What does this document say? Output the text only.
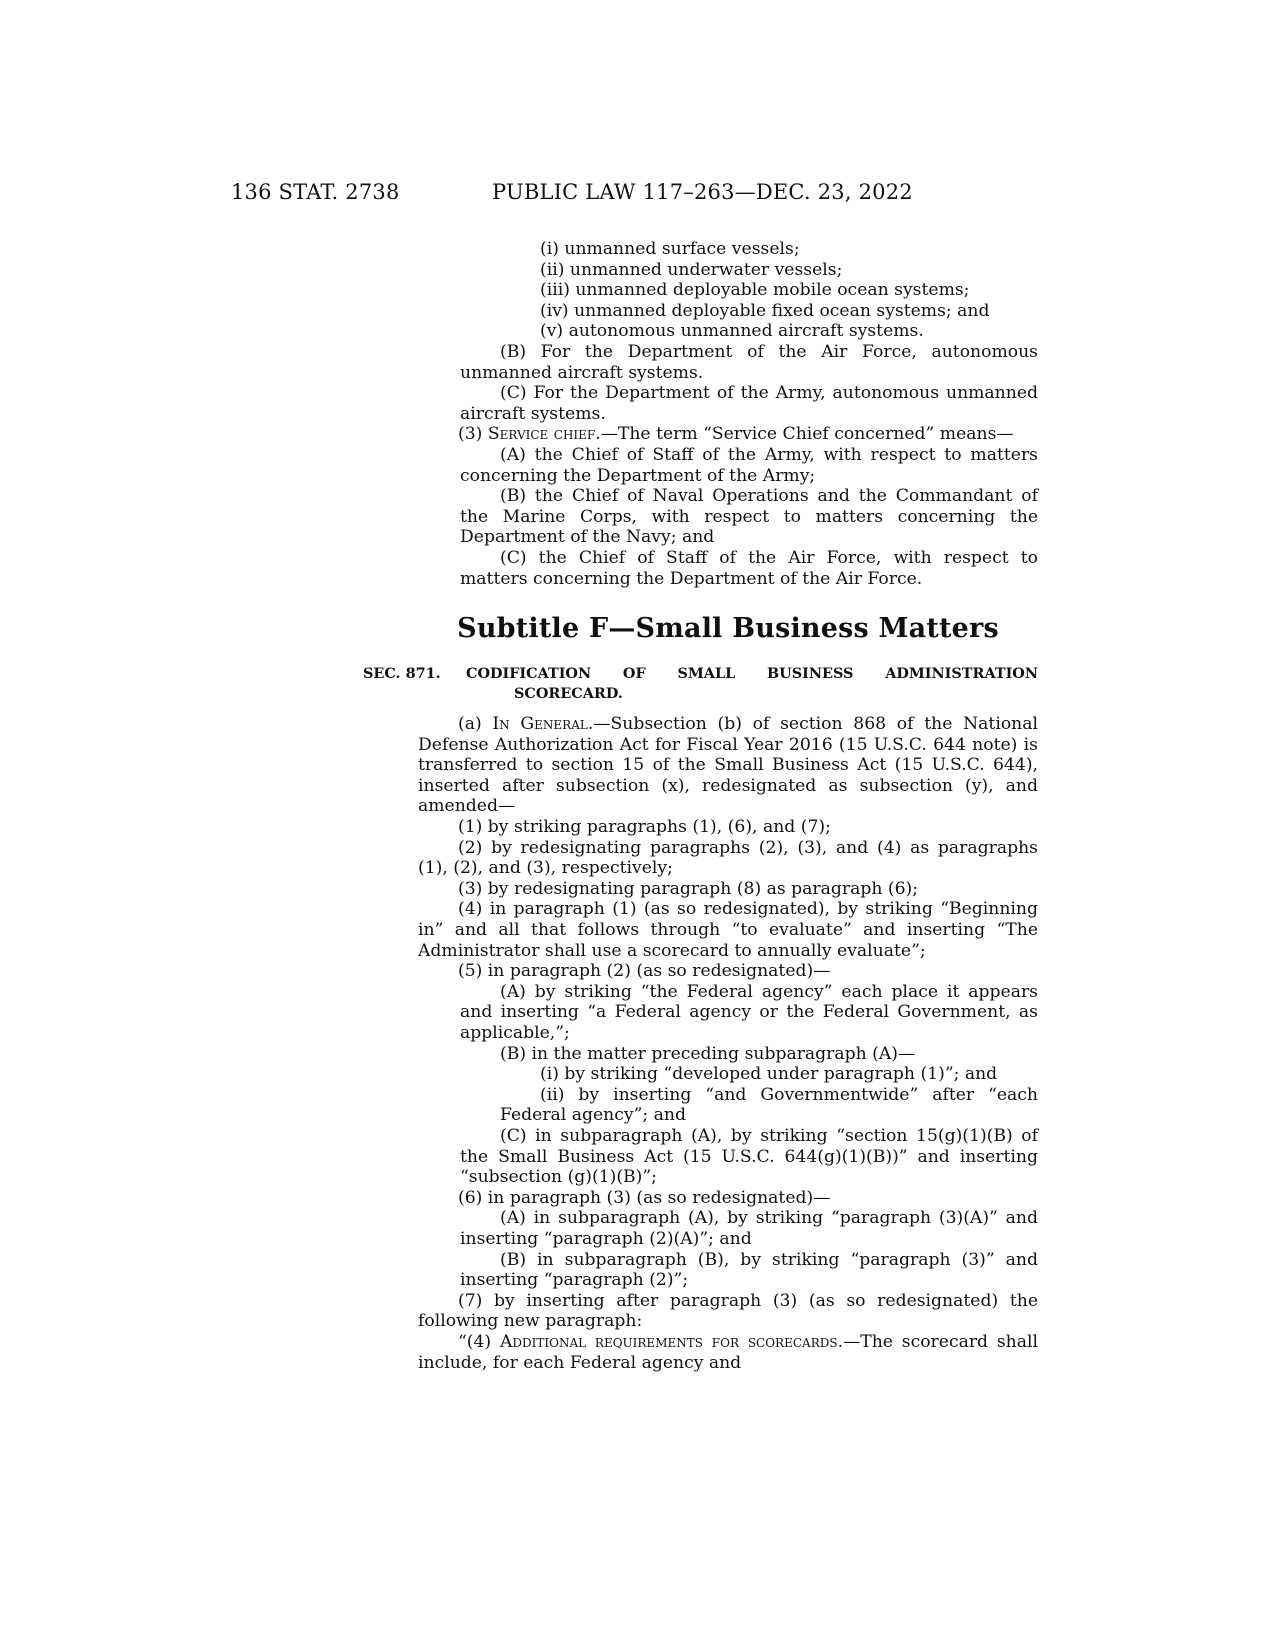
136 STAT. 2738	PUBLIC LAW 117–263—DEC. 23, 2022

(i) unmanned surface vessels;

(ii) unmanned underwater vessels;

(iii) unmanned deployable mobile ocean systems;

(iv) unmanned deployable fixed ocean systems; and

(v) autonomous unmanned aircraft systems.

(B) For the Department of the Air Force, autonomous unmanned aircraft systems.

(C) For the Department of the Army, autonomous unmanned aircraft systems.

(3) Service chief.—The term “Service Chief concerned” means—

(A) the Chief of Staff of the Army, with respect to matters concerning the Department of the Army;

(B) the Chief of Naval Operations and the Commandant of the Marine Corps, with respect to matters concerning the Department of the Navy; and

(C) the Chief of Staff of the Air Force, with respect to matters concerning the Department of the Air Force.

Subtitle F—Small Business Matters
SEC. 871. CODIFICATION OF SMALL BUSINESS ADMINISTRATION SCORECARD.

(a) In General.—Subsection (b) of section 868 of the National Defense Authorization Act for Fiscal Year 2016 (15 U.S.C. 644 note) is transferred to section 15 of the Small Business Act (15 U.S.C. 644), inserted after subsection (x), redesignated as subsection (y), and amended—

(1) by striking paragraphs (1), (6), and (7);

(2) by redesignating paragraphs (2), (3), and (4) as paragraphs (1), (2), and (3), respectively;

(3) by redesignating paragraph (8) as paragraph (6);

(4) in paragraph (1) (as so redesignated), by striking “Beginning in” and all that follows through “to evaluate” and inserting “The Administrator shall use a scorecard to annually evaluate”;

(5) in paragraph (2) (as so redesignated)—

(A) by striking “the Federal agency” each place it appears and inserting “a Federal agency or the Federal Government, as applicable,”;

(B) in the matter preceding subparagraph (A)—

(i) by striking “developed under paragraph (1)”; and

(ii) by inserting “and Governmentwide” after “each Federal agency”; and

(C) in subparagraph (A), by striking “section 15(g)(1)(B) of the Small Business Act (15 U.S.C. 644(g)(1)(B))” and inserting “subsection (g)(1)(B)”;

(6) in paragraph (3) (as so redesignated)—

(A) in subparagraph (A), by striking “paragraph (3)(A)” and inserting “paragraph (2)(A)”; and

(B) in subparagraph (B), by striking “paragraph (3)” and inserting “paragraph (2)”;

(7) by inserting after paragraph (3) (as so redesignated) the following new paragraph:

“(4) Additional requirements for scorecards.—The scorecard shall include, for each Federal agency and
